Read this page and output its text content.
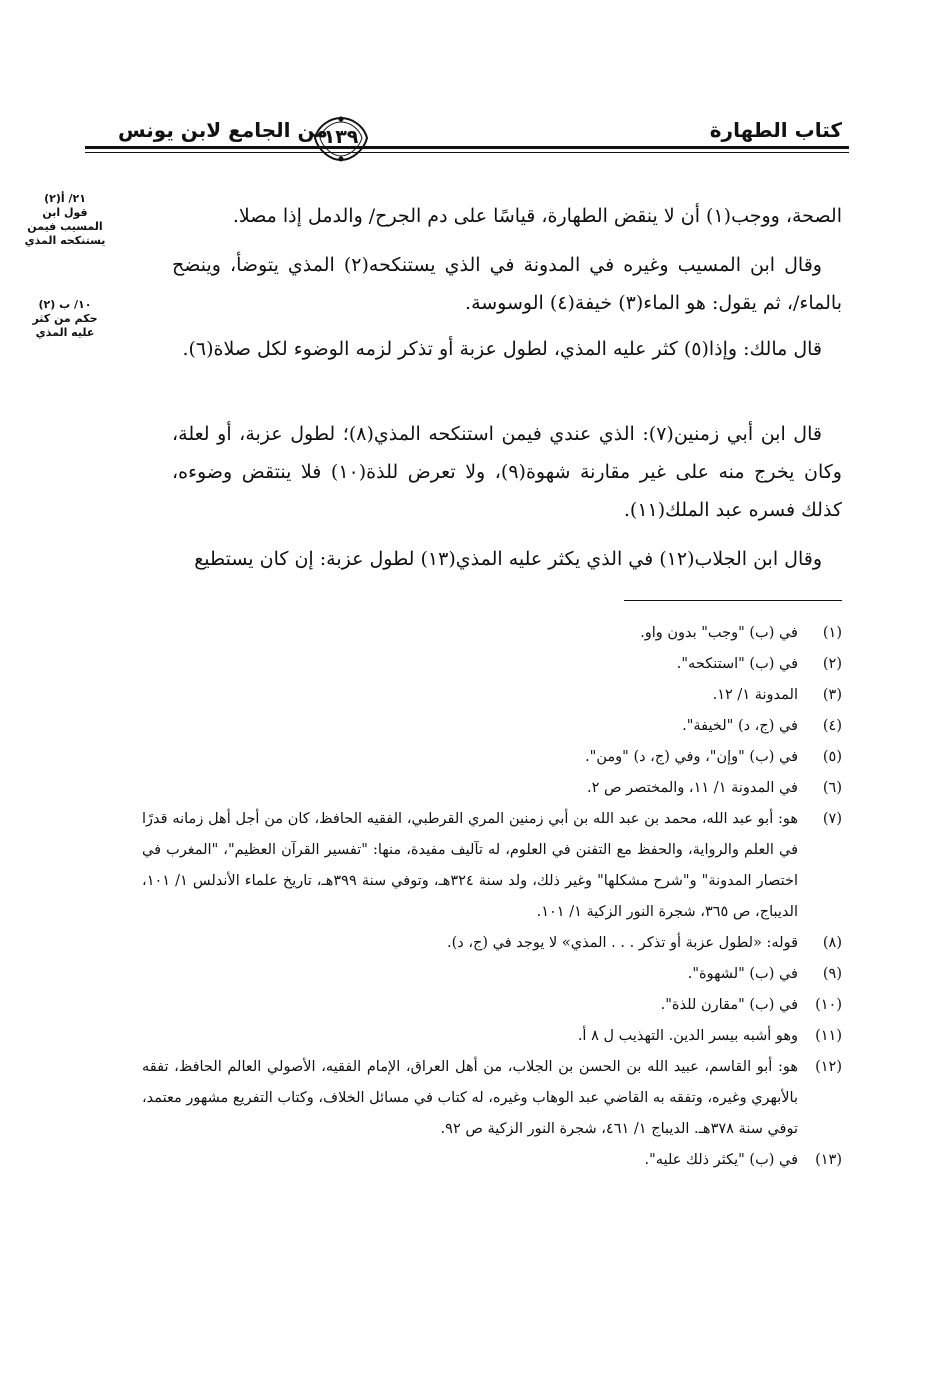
كتاب الطهارة
١٣٩
من الجامع لابن يونس
٢١/ أ(٢)
قول ابن المسيب فيمن يستنكحه المذي
١٠/ ب (٢)
حكم من كثر عليه المذي
الصحة، ووجب(١) أن لا ينقض الطهارة، قياسًا على دم الجرح/ والدمل إذا مصلا.
وقال ابن المسيب وغيره في المدونة في الذي يستنكحه(٢) المذي يتوضأ، وينضح بالماء/، ثم يقول: هو الماء(٣) خيفة(٤) الوسوسة.
قال مالك: وإذا(٥) كثر عليه المذي، لطول عزبة أو تذكر لزمه الوضوء لكل صلاة(٦).
قال ابن أبي زمنين(٧): الذي عندي فيمن استنكحه المذي(٨)؛ لطول عزبة، أو لعلة، وكان يخرج منه على غير مقارنة شهوة(٩)، ولا تعرض للذة(١٠) فلا ينتقض وضوءه، كذلك فسره عبد الملك(١١).
وقال ابن الجلاب(١٢) في الذي يكثر عليه المذي(١٣) لطول عزبة: إن كان يستطيع
(١)
في (ب) "وجب" بدون واو.
(٢)
في (ب) "استنكحه".
(٣)
المدونة ١/ ١٢.
(٤)
في (ج، د) "لخيفة".
(٥)
في (ب) "وإن"، وفي (ج، د) "ومن".
(٦)
في المدونة ١/ ١١، والمختصر ص ٢.
(٧)
هو: أبو عبد الله، محمد بن عبد الله بن أبي زمنين المري القرطبي، الفقيه الحافظ، كان من أجل أهل زمانه قدرًا في العلم والرواية، والحفظ مع التفنن في العلوم، له تآليف مفيدة، منها: "تفسير القرآن العظيم"، "المغرب في اختصار المدونة" و"شرح مشكلها" وغير ذلك، ولد سنة ٣٢٤هـ، وتوفي سنة ٣٩٩هـ، تاريخ علماء الأندلس ١/ ١٠١، الديباج، ص ٣٦٥، شجرة النور الزكية ١/ ١٠١.
(٨)
قوله: «لطول عزبة أو تذكر . . . المذي» لا يوجد في (ج، د).
(٩)
في (ب) "لشهوة".
(١٠)
في (ب) "مقارن للذة".
(١١)
وهو أشبه بيسر الدين. التهذيب ل ٨ أ.
(١٢)
هو: أبو القاسم، عبيد الله بن الحسن بن الجلاب، من أهل العراق، الإمام الفقيه، الأصولي العالم الحافظ، تفقه بالأبهري وغيره، وتفقه به القاضي عبد الوهاب وغيره، له كتاب في مسائل الخلاف، وكتاب التفريع مشهور معتمد، توفي سنة ٣٧٨هـ. الديباج ١/ ٤٦١، شجرة النور الزكية ص ٩٢.
(١٣)
في (ب) "يكثر ذلك عليه".
